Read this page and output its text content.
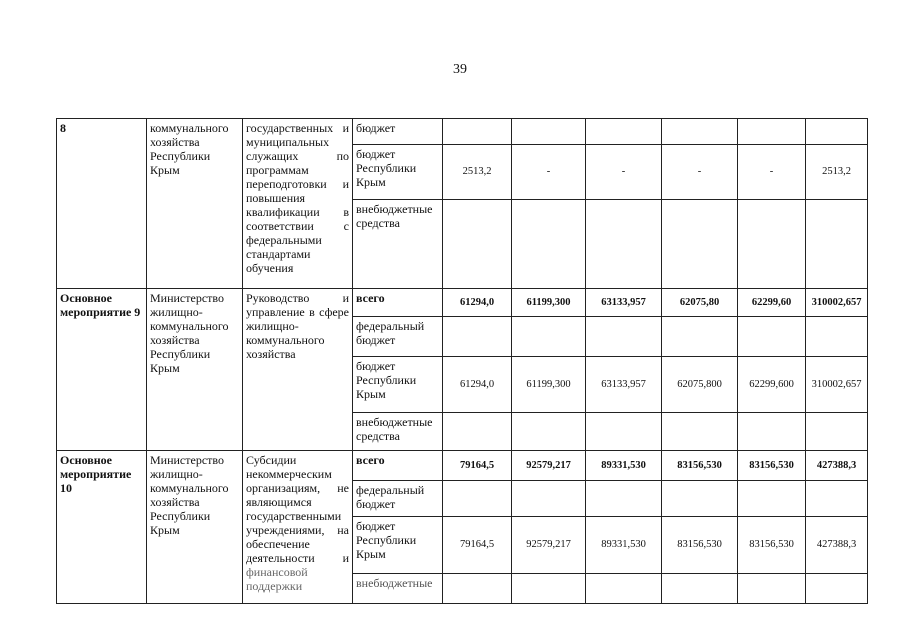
39
8	коммунального хозяйства Республики Крым	государственных и муниципальных служащих по программам переподготовки и повышения квалификации в соответствии с федеральными стандартами обучения	бюджет						
			бюджет Республики Крым	2513,2	-	-	-	-	2513,2
			внебюджетные средства						
Основное мероприятие 9	Министерство жилищно-коммунального хозяйства Республики Крым	Руководство и управление в сфере жилищно-коммунального хозяйства	всего	61294,0	61199,300	63133,957	62075,80	62299,60	310002,657
			федеральный бюджет						
			бюджет Республики Крым	61294,0	61199,300	63133,957	62075,800	62299,600	310002,657
			внебюджетные средства						
Основное мероприятие 10	Министерство жилищно-коммунального хозяйства Республики Крым	Субсидии некоммерческим организациям, не являющимся государственными учреждениями, на обеспечение деятельности и финансовой поддержки	всего	79164,5	92579,217	89331,530	83156,530	83156,530	427388,3
			федеральный бюджет						
			бюджет Республики Крым	79164,5	92579,217	89331,530	83156,530	83156,530	427388,3
			внебюджетные						
